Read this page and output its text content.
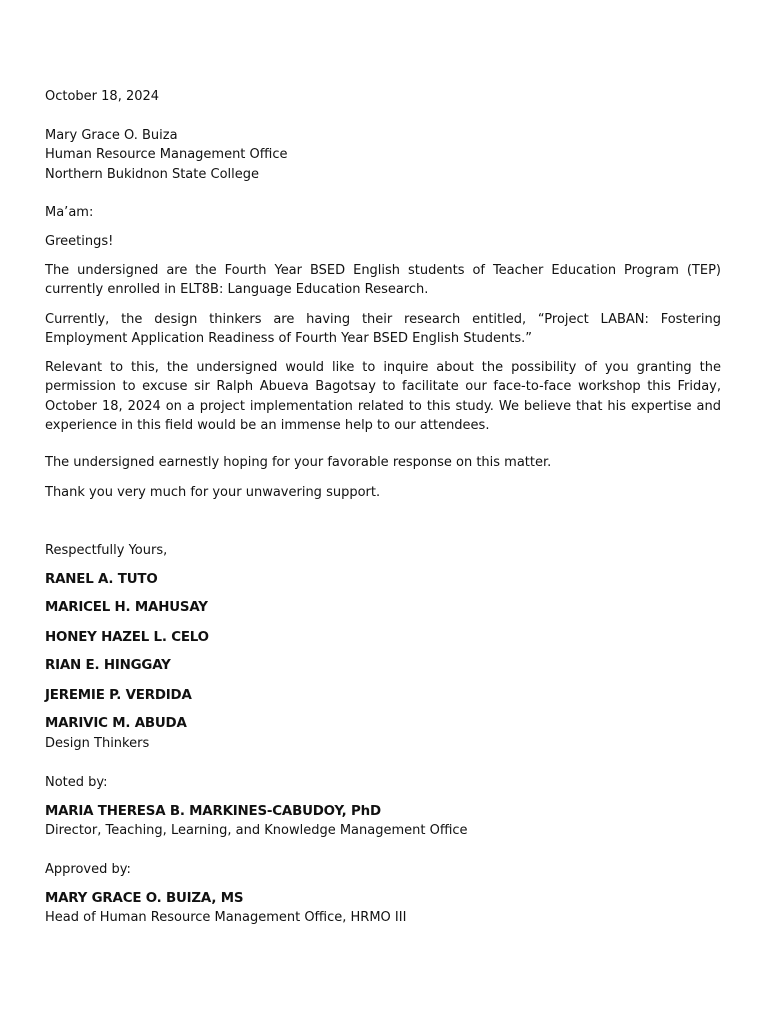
October 18, 2024
Mary Grace O. Buiza
Human Resource Management Office
Northern Bukidnon State College
Ma’am:
Greetings!
The undersigned are the Fourth Year BSED English students of Teacher Education Program (TEP) currently enrolled in ELT8B: Language Education Research.
Currently, the design thinkers are having their research entitled, “Project LABAN: Fostering Employment Application Readiness of Fourth Year BSED English Students.”
Relevant to this, the undersigned would like to inquire about the possibility of you granting the permission to excuse sir Ralph Abueva Bagotsay to facilitate our face-to-face workshop this Friday, October 18, 2024 on a project implementation related to this study. We believe that his expertise and experience in this field would be an immense help to our attendees.
The undersigned earnestly hoping for your favorable response on this matter.
Thank you very much for your unwavering support.
Respectfully Yours,
RANEL A. TUTO
MARICEL H. MAHUSAY
HONEY HAZEL L. CELO
RIAN E. HINGGAY
JEREMIE P. VERDIDA
MARIVIC M. ABUDA
Design Thinkers
Noted by:
MARIA THERESA B. MARKINES-CABUDOY, PhD
Director, Teaching, Learning, and Knowledge Management Office
Approved by:
MARY GRACE O. BUIZA, MS
Head of Human Resource Management Office, HRMO III
